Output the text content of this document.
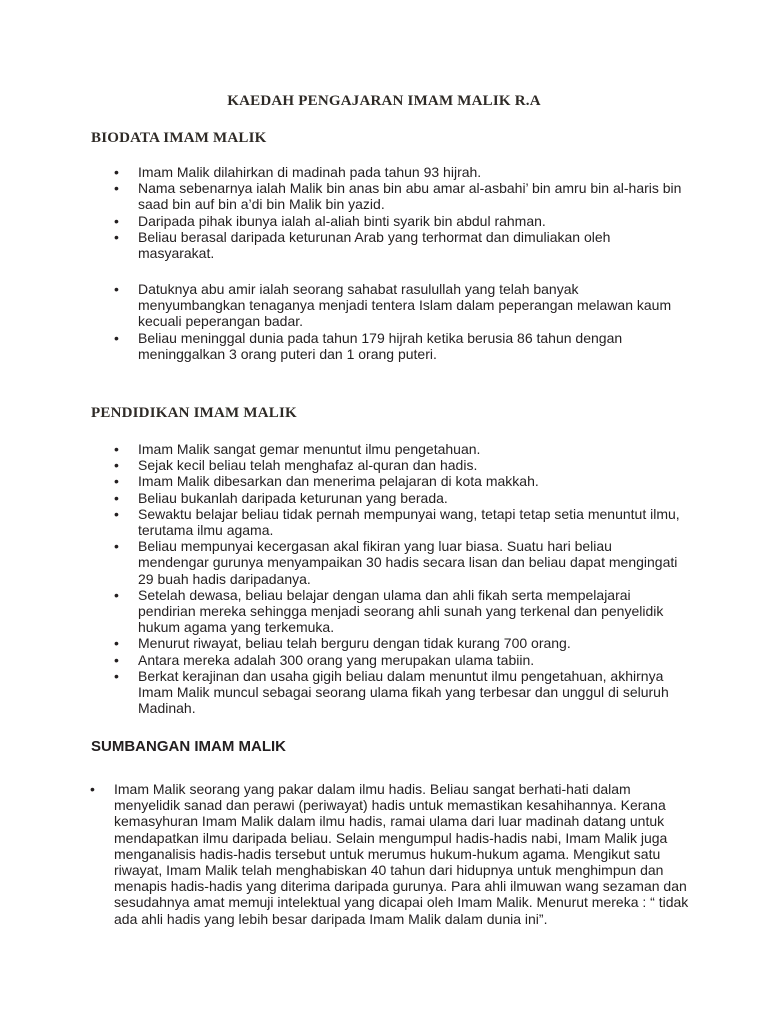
KAEDAH PENGAJARAN IMAM MALIK R.A
BIODATA IMAM MALIK
• Imam Malik dilahirkan di madinah pada tahun 93 hijrah.
• Nama sebenarnya ialah Malik bin anas bin abu amar al-asbahi’ bin amru bin al-haris bin saad bin auf bin a’di bin Malik bin yazid.
• Daripada pihak ibunya ialah al-aliah binti syarik bin abdul rahman.
• Beliau berasal daripada keturunan Arab yang terhormat dan dimuliakan oleh masyarakat.
• Datuknya abu amir ialah seorang sahabat rasulullah yang telah banyak menyumbangkan tenaganya menjadi tentera Islam dalam peperangan melawan kaum kecuali peperangan badar.
• Beliau meninggal dunia pada tahun 179 hijrah ketika berusia 86 tahun dengan meninggalkan 3 orang puteri dan 1 orang puteri.
PENDIDIKAN IMAM MALIK
• Imam Malik sangat gemar menuntut ilmu pengetahuan.
• Sejak kecil beliau telah menghafaz al-quran dan hadis.
• Imam Malik dibesarkan dan menerima pelajaran di kota makkah.
• Beliau bukanlah daripada keturunan yang berada.
• Sewaktu belajar beliau tidak pernah mempunyai wang, tetapi tetap setia menuntut ilmu, terutama ilmu agama.
• Beliau mempunyai kecergasan akal fikiran yang luar biasa. Suatu hari beliau mendengar gurunya menyampaikan 30 hadis secara lisan dan beliau dapat mengingati 29 buah hadis daripadanya.
• Setelah dewasa, beliau belajar dengan ulama dan ahli fikah serta mempelajarai pendirian mereka sehingga menjadi seorang ahli sunah yang terkenal dan penyelidik hukum agama yang terkemuka.
• Menurut riwayat, beliau telah berguru dengan tidak kurang 700 orang.
• Antara mereka adalah 300 orang yang merupakan ulama tabiin.
• Berkat kerajinan dan usaha gigih beliau dalam menuntut ilmu pengetahuan, akhirnya Imam Malik muncul sebagai seorang ulama fikah yang terbesar dan unggul di seluruh Madinah.
SUMBANGAN IMAM MALIK
• Imam Malik seorang yang pakar dalam ilmu hadis. Beliau sangat berhati-hati dalam menyelidik sanad dan perawi (periwayat) hadis untuk memastikan kesahihannya. Kerana kemasyhuran Imam Malik dalam ilmu hadis, ramai ulama dari luar madinah datang untuk mendapatkan ilmu daripada beliau. Selain mengumpul hadis-hadis nabi, Imam Malik juga menganalisis hadis-hadis tersebut untuk merumus hukum-hukum agama. Mengikut satu riwayat, Imam Malik telah menghabiskan 40 tahun dari hidupnya untuk menghimpun dan menapis hadis-hadis yang diterima daripada gurunya. Para ahli ilmuwan wang sezaman dan sesudahnya amat memuji intelektual yang dicapai oleh Imam Malik. Menurut mereka : “ tidak ada ahli hadis yang lebih besar daripada Imam Malik dalam dunia ini”.
